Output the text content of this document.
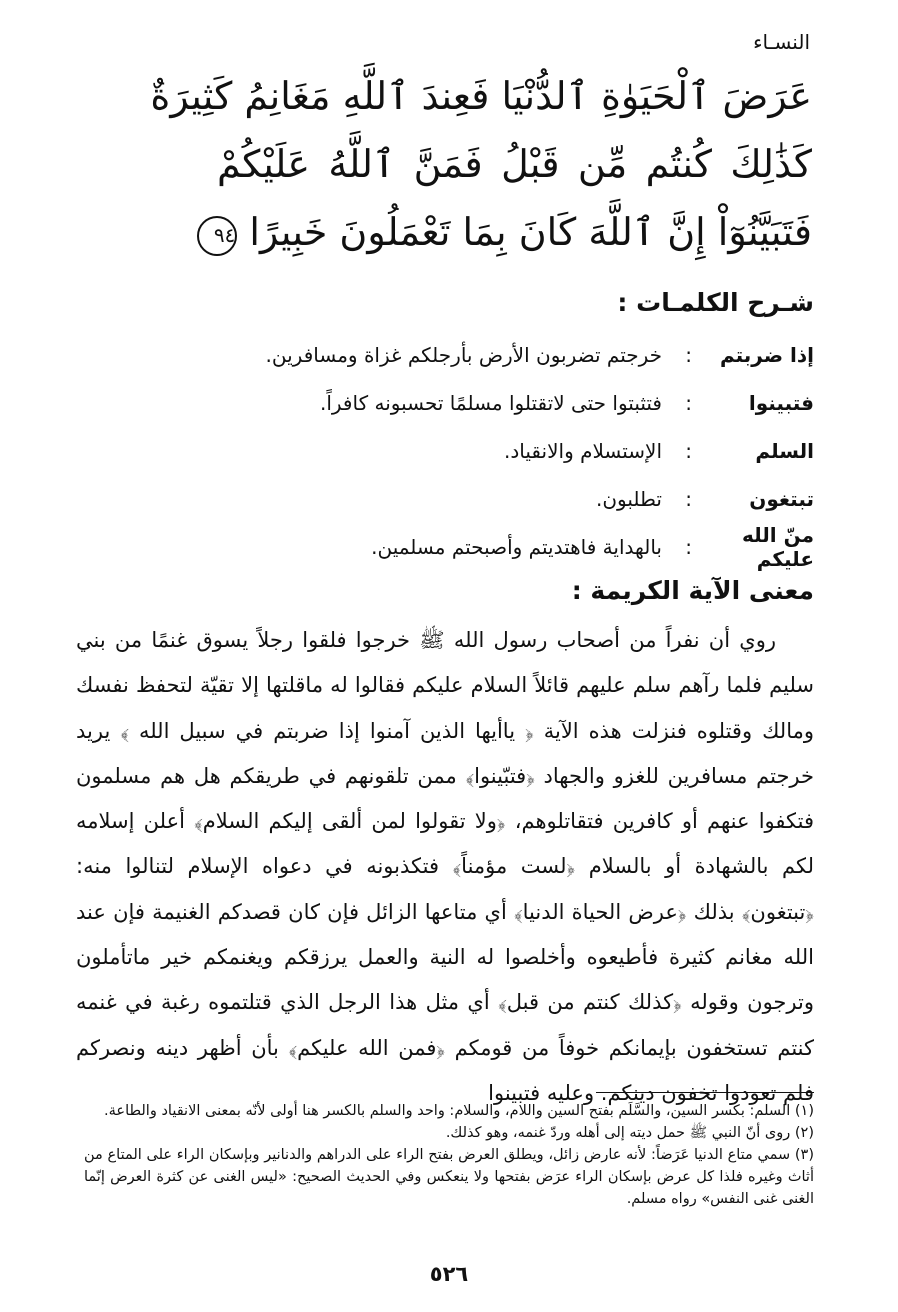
النسـاء
عَرَضَ ٱلْحَيَوٰةِ ٱلدُّنْيَا فَعِندَ ٱللَّهِ مَغَانِمُ كَثِيرَةٌ
كَذَٰلِكَ كُنتُم مِّن قَبْلُ فَمَنَّ ٱللَّهُ عَلَيْكُمْ
فَتَبَيَّنُوٓاْ إِنَّ ٱللَّهَ كَانَ بِمَا تَعْمَلُونَ خَبِيرًا ٩٤
شـرح الكلمـات :
إذا ضربتم
:
خرجتم تضربون الأرض بأرجلكم غزاة ومسافرين.
فتبينوا
:
فتثبتوا حتى لاتقتلوا مسلمًا تحسبونه كافراً.
السلم
:
الإستسلام والانقياد.
تبتغون
:
تطلبون.
منّ الله عليكم
:
بالهداية فاهتديتم وأصبحتم مسلمين.
معنى الآية الكريمة :

روي أن نفراً من أصحاب رسول الله ﷺ خرجوا فلقوا رجلاً يسوق غنمًا من بني سليم فلما رآهم سلم عليهم قائلاً السلام عليكم فقالوا له ماقلتها إلا تقيّة لتحفظ نفسك ومالك وقتلوه فنزلت هذه الآية ﴿ ياأيها الذين آمنوا إذا ضربتم في سبيل الله ﴾ يريد خرجتم مسافرين للغزو والجهاد ﴿فتبّينوا﴾ ممن تلقونهم في طريقكم هل هم مسلمون فتكفوا عنهم أو كافرين فتقاتلوهم، ﴿ولا تقولوا لمن ألقى إليكم السلام﴾ أعلن إسلامه لكم بالشهادة أو بالسلام ﴿لست مؤمناً﴾ فتكذبونه في دعواه الإسلام لتنالوا منه: ﴿تبتغون﴾ بذلك ﴿عرض الحياة الدنيا﴾ أي متاعها الزائل فإن كان قصدكم الغنيمة فإن عند الله مغانم كثيرة فأطيعوه وأخلصوا له النية والعمل يرزقكم ويغنمكم خير ماتأملون وترجون وقوله ﴿كذلك كنتم من قبل﴾ أي مثل هذا الرجل الذي قتلتموه رغبة في غنمه كنتم تستخفون بإيمانكم خوفاً من قومكم ﴿فمن الله عليكم﴾ بأن أظهر دينه ونصركم فلم تعودوا تخفون دينكم. وعليه فتبينوا

(١) السلم: بكسر السين، والسَّلَم بفتح السين واللام، والسلام: واحد والسلم بالكسر هنا أولى لأنّه بمعنى الانقياد والطاعة.

(٢) روى أنّ النبي ﷺ حمل ديته إلى أهله وردّ غنمه، وهو كذلك.

(٣) سمي متاع الدنيا عَرَضاً: لأنه عارض زائل، ويطلق العرض بفتح الراء على الدراهم والدنانير وبإسكان الراء على المتاع من أثاث وغيره فلذا كل عرض بإسكان الراء عرَض بفتحها ولا ينعكس وفي الحديث الصحيح: «ليس الغنى عن كثرة العرض إنّما الغنى غنى النفس» رواه مسلم.

٥٢٦
